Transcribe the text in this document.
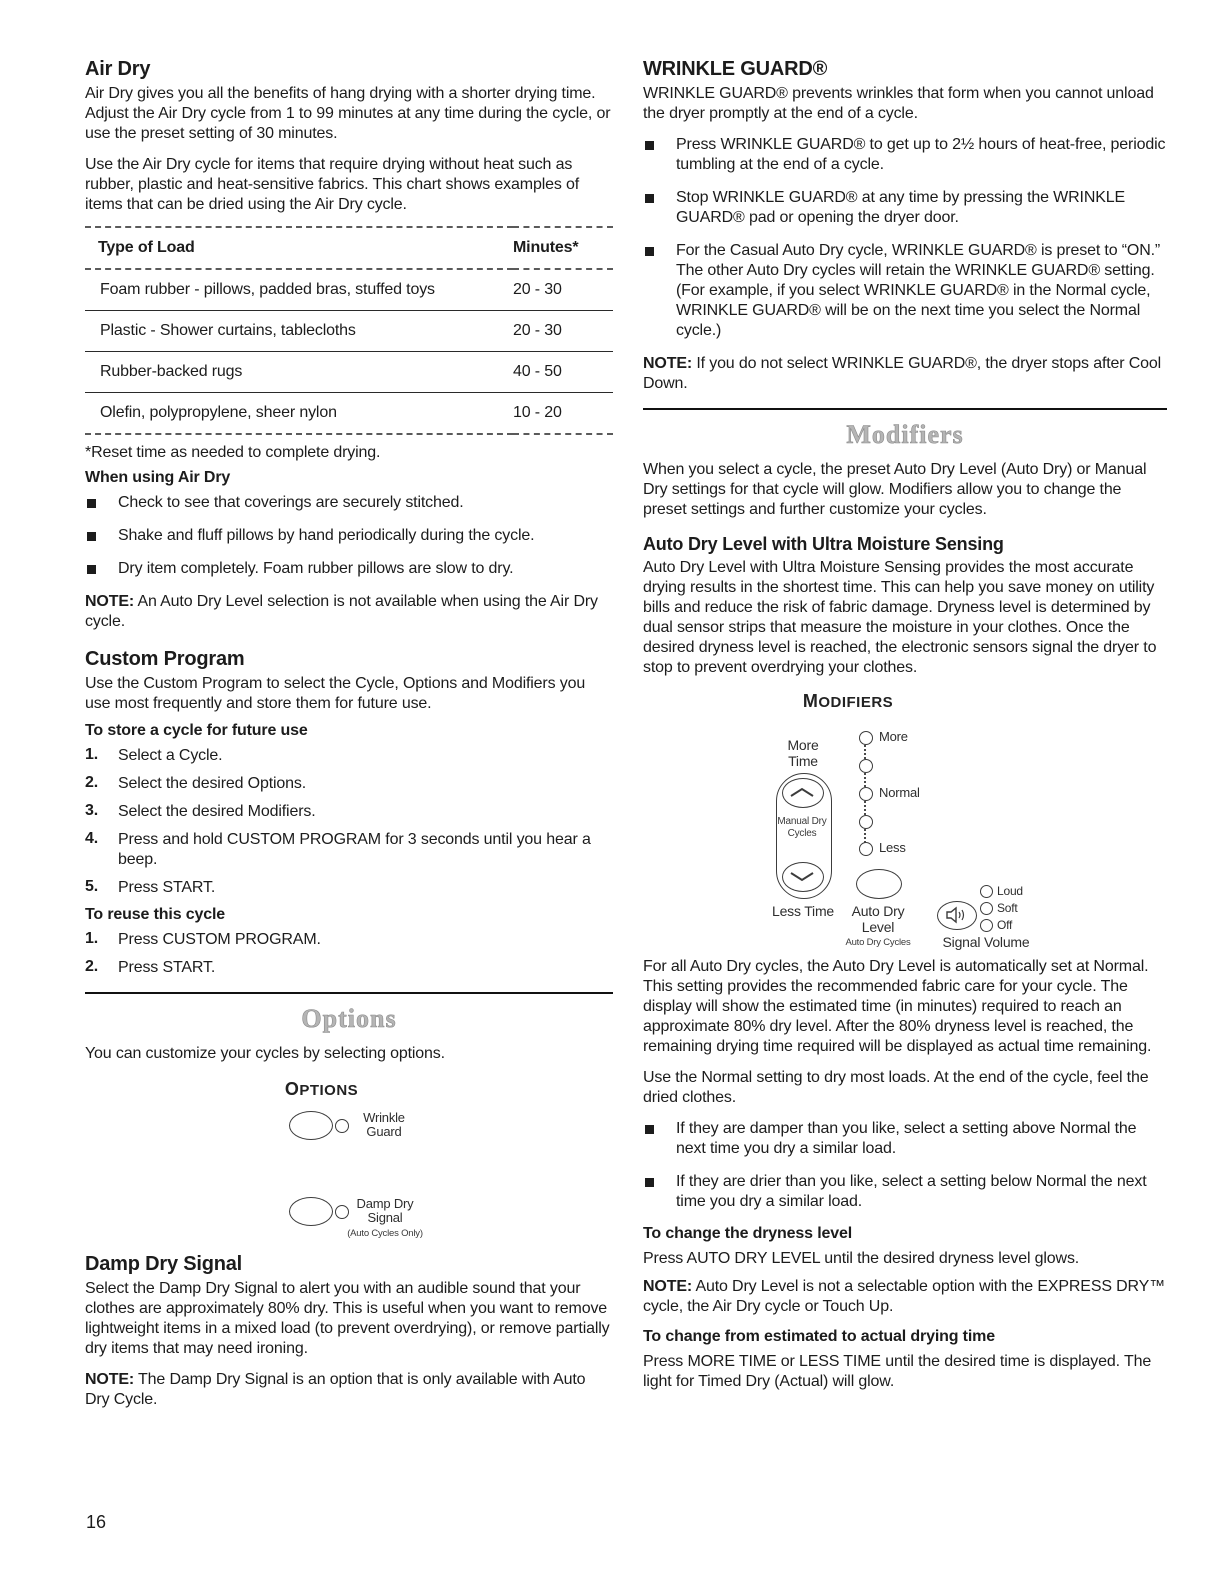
Air Dry

Air Dry gives you all the benefits of hang drying with a shorter drying time. Adjust the Air Dry cycle from 1 to 99 minutes at any time during the cycle, or use the preset setting of 30 minutes.

Use the Air Dry cycle for items that require drying without heat such as rubber, plastic and heat-sensitive fabrics. This chart shows examples of items that can be dried using the Air Dry cycle.

Type of Load	Minutes*
Foam rubber - pillows, padded bras, stuffed toys	20 - 30
Plastic - Shower curtains, tablecloths	20 - 30
Rubber-backed rugs	40 - 50
Olefin, polypropylene, sheer nylon	10 - 20

*Reset time as needed to complete drying.

When using Air Dry
Check to see that coverings are securely stitched.
Shake and fluff pillows by hand periodically during the cycle.
Dry item completely. Foam rubber pillows are slow to dry.

NOTE: An Auto Dry Level selection is not available when using the Air Dry cycle.

Custom Program

Use the Custom Program to select the Cycle, Options and Modifiers you use most frequently and store them for future use.

To store a cycle for future use
1.	Select a Cycle.
2.	Select the desired Options.
3.	Select the desired Modifiers.
4.	Press and hold CUSTOM PROGRAM for 3 seconds until you hear a beep.
5.	Press START.
To reuse this cycle
1.	Press CUSTOM PROGRAM.
2.	Press START.
Options

You can customize your cycles by selecting options.

OPTIONS
Wrinkle Guard
Damp Dry Signal
(Auto Cycles Only)
Damp Dry Signal

Select the Damp Dry Signal to alert you with an audible sound that your clothes are approximately 80% dry. This is useful when you want to remove lightweight items in a mixed load (to prevent overdrying), or remove partially dry items that may need ironing.

NOTE: The Damp Dry Signal is an option that is only available with Auto Dry Cycle.

WRINKLE GUARD®

WRINKLE GUARD® prevents wrinkles that form when you cannot unload the dryer promptly at the end of a cycle.

Press WRINKLE GUARD® to get up to 2½ hours of heat-free, periodic tumbling at the end of a cycle.
Stop WRINKLE GUARD® at any time by pressing the WRINKLE GUARD® pad or opening the dryer door.
For the Casual Auto Dry cycle, WRINKLE GUARD® is preset to “ON.” The other Auto Dry cycles will retain the WRINKLE GUARD® setting. (For example, if you select WRINKLE GUARD® in the Normal cycle, WRINKLE GUARD® will be on the next time you select the Normal cycle.)

NOTE: If you do not select WRINKLE GUARD®, the dryer stops after Cool Down.

Modifiers

When you select a cycle, the preset Auto Dry Level (Auto Dry) or Manual Dry settings for that cycle will glow. Modifiers allow you to change the preset settings and further customize your cycles.

Auto Dry Level with Ultra Moisture Sensing

Auto Dry Level with Ultra Moisture Sensing provides the most accurate drying results in the shortest time. This can help you save money on utility bills and reduce the risk of fabric damage. Dryness level is determined by dual sensor strips that measure the moisture in your clothes. Once the desired dryness level is reached, the electronic sensors signal the dryer to stop to prevent overdrying your clothes.

MODIFIERS
More Time
Manual Dry Cycles
Less Time
More
Normal
Less
Auto Dry Level
Auto Dry Cycles
Loud
Soft
Off
Signal Volume

For all Auto Dry cycles, the Auto Dry Level is automatically set at Normal. This setting provides the recommended fabric care for your cycle. The display will show the estimated time (in minutes) required to reach an approximate 80% dry level. After the 80% dryness level is reached, the remaining drying time required will be displayed as actual time remaining.

Use the Normal setting to dry most loads. At the end of the cycle, feel the dried clothes.

If they are damper than you like, select a setting above Normal the next time you dry a similar load.
If they are drier than you like, select a setting below Normal the next time you dry a similar load.
To change the dryness level

Press AUTO DRY LEVEL until the desired dryness level glows.

NOTE: Auto Dry Level is not a selectable option with the EXPRESS DRY™ cycle, the Air Dry cycle or Touch Up.

To change from estimated to actual drying time

Press MORE TIME or LESS TIME until the desired time is displayed. The light for Timed Dry (Actual) will glow.

16
